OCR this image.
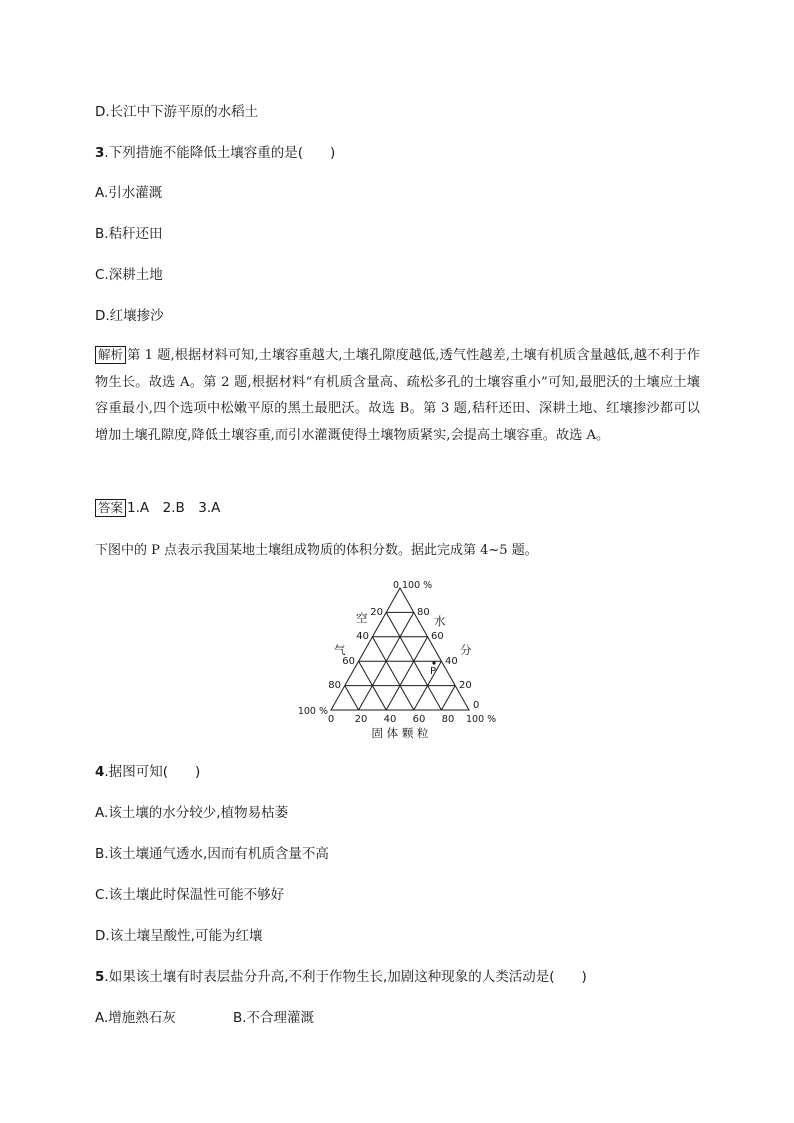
D.长江中下游平原的水稻土
3.下列措施不能降低土壤容重的是(　　)
A.引水灌溉
B.秸秆还田
C.深耕土地
D.红壤掺沙
解析 第 1 题,根据材料可知,土壤容重越大,土壤孔隙度越低,透气性越差,土壤有机质含量越低,越不利于作物生长。故选 A。第 2 题,根据材料“有机质含量高、疏松多孔的土壤容重小”可知,最肥沃的土壤应土壤容重最小,四个选项中松嫩平原的黑土最肥沃。故选 B。第 3 题,秸秆还田、深耕土地、红壤掺沙都可以增加土壤孔隙度,降低土壤容重,而引水灌溉使得土壤物质紧实,会提高土壤容重。故选 A。
答案 1.A　2.B　3.A
下图中的 P 点表示我国某地土壤组成物质的体积分数。据此完成第 4~5 题。
0 100 %
20
40
60
80
100 %
80
60
40
20
0
0 20 40 60 80 100 %
空
气
水
分
固 体 颗 粒
P
4.据图可知(　　)
A.该土壤的水分较少,植物易枯萎
B.该土壤通气透水,因而有机质含量不高
C.该土壤此时保温性可能不够好
D.该土壤呈酸性,可能为红壤
5.如果该土壤有时表层盐分升高,不利于作物生长,加剧这种现象的人类活动是(　　)
A.增施熟石灰	B.不合理灌溉
